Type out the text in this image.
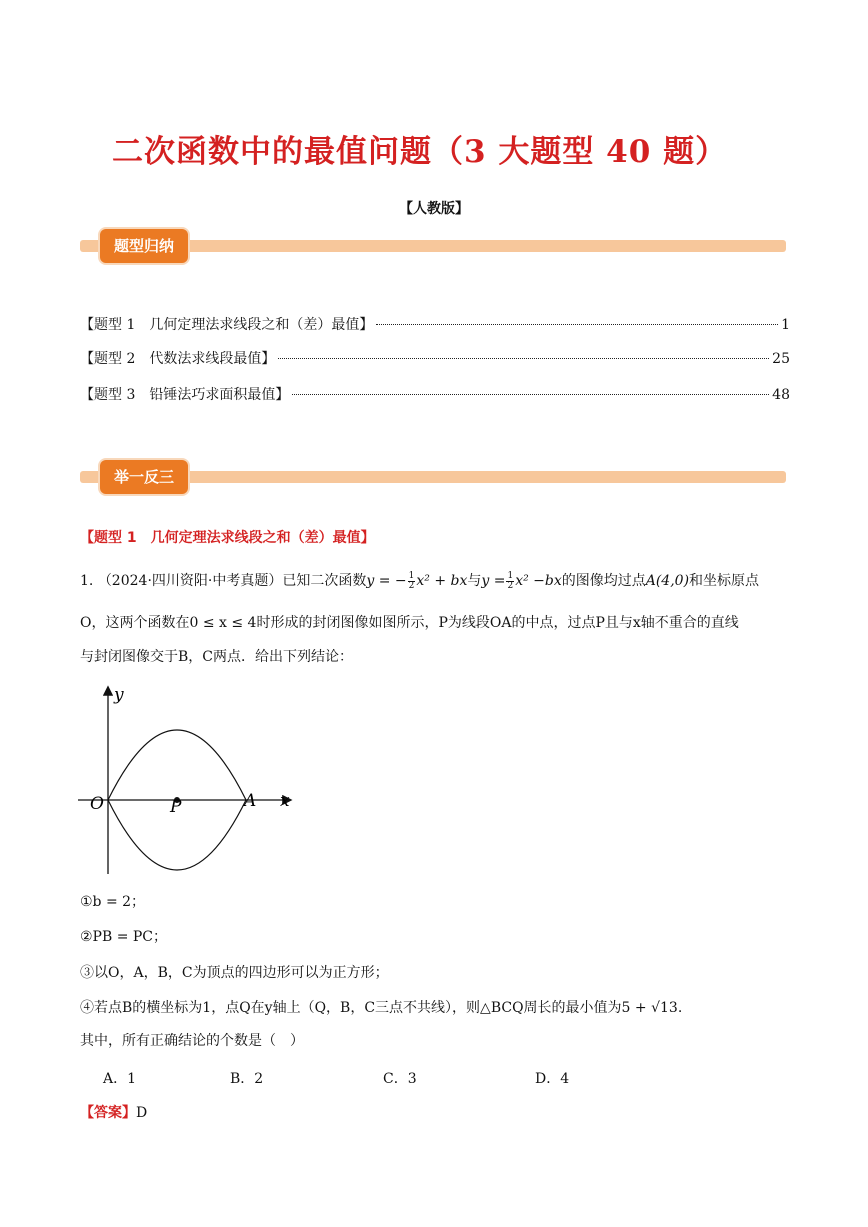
二次函数中的最值问题（3 大题型 40 题）
【人教版】
题型归纳
【题型 1　几何定理法求线段之和（差）最值】	1
【题型 2　代数法求线段最值】	25
【题型 3　铅锤法巧求面积最值】	48
举一反三
【题型 1　几何定理法求线段之和（差）最值】
1. （2024·四川资阳·中考真题）已知二次函数y = − $\frac{1}{2} x^2$ + bx与$y = \frac{1}{2} x^2 -bx$的图像均过点A(4,0)和坐标原点
O，这两个函数在0 ≤ x ≤ 4时形成的封闭图像如图所示，P为线段OA的中点，过点P且与x轴不重合的直线
与封闭图像交于B，C两点．给出下列结论：
y
x
O	P	A
①b = 2；
②PB = PC；
③以O，A，B，C为顶点的四边形可以为正方形；
④若点B的横坐标为1，点Q在y轴上（Q，B，C三点不共线），则△BCQ周长的最小值为5 + √13.
其中，所有正确结论的个数是（　）
A．1	B．2	C．3	D．4
【答案】D
